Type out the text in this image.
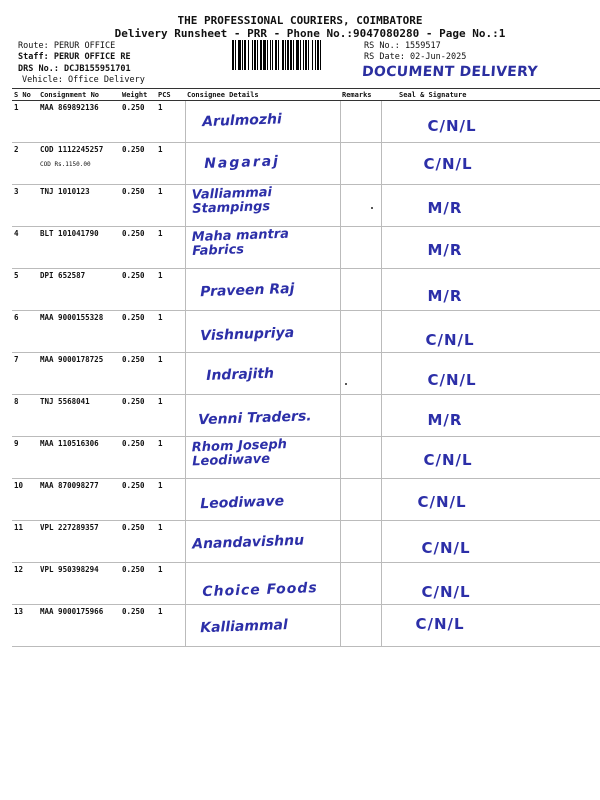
THE PROFESSIONAL COURIERS, COIMBATORE
Delivery Runsheet - PRR - Phone No.:9047080280 - Page No.:1
Route: PERUR OFFICE
Staff: PERUR OFFICE RE
DRS No.: DCJB155951701
Vehicle: Office Delivery
RS No.: 1559517
RS Date: 02-Jun-2025
DOCUMENT DELIVERY
S No	Consignment No	Weight	PCS	Consignee Details	Remarks	Seal & Signature
1	MAA 869892136	0.250	1	Arulmozhi		C/N/L

2	COD 1112245257
COD Rs.1150.00	0.250	1	Nagaraj		C/N/L

3	TNJ 1010123	0.250	1	Valliammai Stampings		M/R

4	BLT 101041790	0.250	1	Maha mantra Fabrics		M/R

5	DPI 652587	0.250	1	Praveen Raj		M/R

6	MAA 9000155328	0.250	1	Vishnupriya		C/N/L

7	MAA 9000178725	0.250	1	Indrajith		C/N/L

8	TNJ 5568041	0.250	1	Venni Traders.		M/R

9	MAA 110516306	0.250	1	Rhom Joseph Leodiwave		C/N/L

10	MAA 870098277	0.250	1	Leodiwave		C/N/L

11	VPL 227289357	0.250	1	Anandavishnu		C/N/L

12	VPL 950398294	0.250	1	Choice Foods		C/N/L

13	MAA 9000175966	0.250	1	Kalliammal		C/N/L
